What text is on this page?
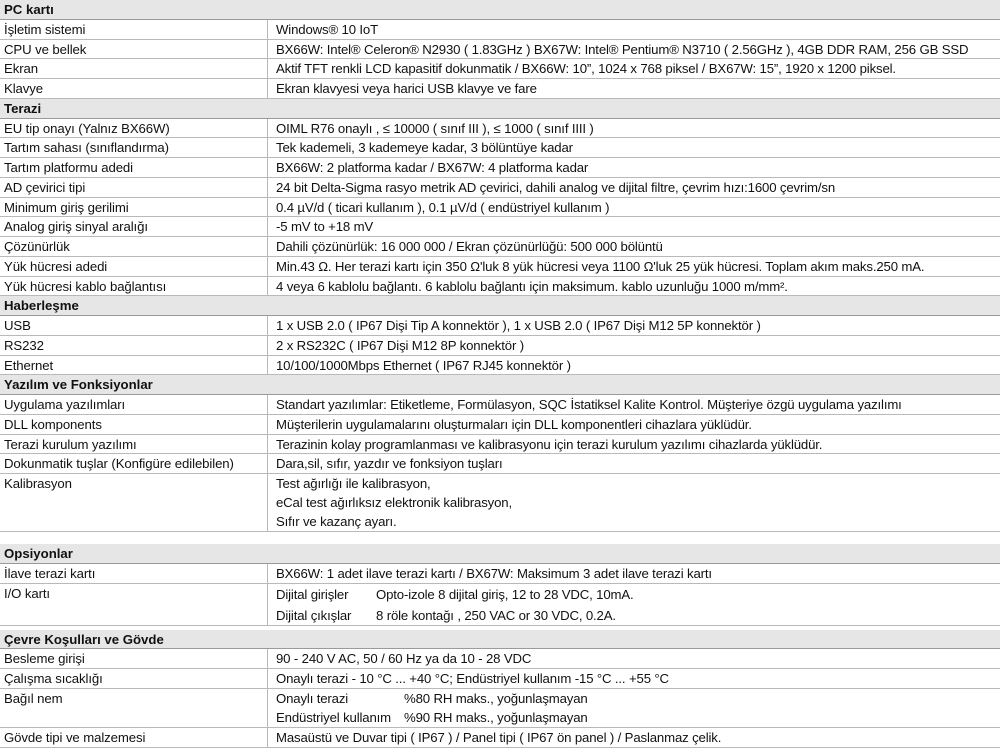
PC kartı
İşletim sistemi	Windows® 10 IoT
CPU ve bellek	BX66W: Intel® Celeron® N2930 ( 1.83GHz ) BX67W: Intel® Pentium® N3710 ( 2.56GHz ), 4GB DDR RAM, 256 GB SSD
Ekran	Aktif TFT renkli LCD kapasitif dokunmatik / BX66W: 10”, 1024 x 768 piksel / BX67W: 15”, 1920 x 1200 piksel.
Klavye	Ekran klavyesi veya harici USB klavye ve fare
Terazi
EU tip onayı (Yalnız BX66W)	OIML R76 onaylı , ≤ 10000 ( sınıf III ), ≤ 1000 ( sınıf IIII )
Tartım sahası (sınıflandırma)	Tek kademeli, 3 kademeye kadar, 3 bölüntüye kadar
Tartım platformu adedi	BX66W: 2 platforma kadar / BX67W: 4 platforma kadar
AD çevirici tipi	24 bit Delta-Sigma rasyo metrik AD çevirici, dahili analog ve dijital filtre, çevrim hızı:1600 çevrim/sn
Minimum giriş gerilimi	0.4 µV/d ( ticari kullanım ), 0.1 µV/d ( endüstriyel kullanım )
Analog giriş sinyal aralığı	-5 mV to +18 mV
Çözünürlük	Dahili çözünürlük: 16 000 000 / Ekran çözünürlüğü: 500 000 bölüntü
Yük hücresi adedi	Min.43 Ω. Her terazi kartı için 350 Ω'luk 8 yük hücresi veya 1100 Ω'luk 25 yük hücresi. Toplam akım maks.250 mA.
Yük hücresi kablo bağlantısı	4 veya 6 kablolu bağlantı. 6 kablolu bağlantı için maksimum. kablo uzunluğu 1000 m/mm².
Haberleşme
USB	1 x USB 2.0 ( IP67 Dişi Tip A konnektör ), 1 x USB 2.0 ( IP67 Dişi M12 5P konnektör )
RS232	2 x RS232C ( IP67 Dişi M12 8P konnektör )
Ethernet	10/100/1000Mbps Ethernet ( IP67 RJ45 konnektör )
Yazılım ve Fonksiyonlar
Uygulama yazılımları	Standart yazılımlar: Etiketleme, Formülasyon, SQC İstatiksel Kalite Kontrol. Müşteriye özgü uygulama yazılımı
DLL komponents	Müşterilerin uygulamalarını oluşturmaları için DLL komponentleri cihazlara yüklüdür.
Terazi kurulum yazılımı	Terazinin kolay programlanması ve kalibrasyonu için terazi kurulum yazılımı cihazlarda yüklüdür.
Dokunmatik tuşlar (Konfigüre edilebilen)	Dara,sil, sıfır, yazdır ve fonksiyon tuşları
Kalibrasyon	Test ağırlığı ile kalibrasyon,
eCal test ağırlıksız elektronik kalibrasyon,
Sıfır ve kazanç ayarı.
Opsiyonlar
İlave terazi kartı	BX66W: 1 adet ilave terazi kartı / BX67W: Maksimum 3 adet ilave terazi kartı
I/O kartı	Dijital girişler	Opto-izole 8 dijital giriş, 12 to 28 VDC, 10mA.
Dijital çıkışlar	8 röle kontağı , 250 VAC or 30 VDC, 0.2A.
Çevre Koşulları ve Gövde
Besleme girişi	90 - 240 V AC, 50 / 60 Hz ya da 10 - 28 VDC
Çalışma sıcaklığı	Onaylı terazi - 10 °C ... +40 °C; Endüstriyel kullanım -15 °C ... +55 °C
Bağıl nem	Onaylı terazi	%80 RH maks., yoğunlaşmayan
Endüstriyel kullanım %90 RH maks., yoğunlaşmayan
Gövde tipi ve malzemesi	Masaüstü ve Duvar tipi ( IP67 ) / Panel tipi ( IP67 ön panel ) / Paslanmaz çelik.
